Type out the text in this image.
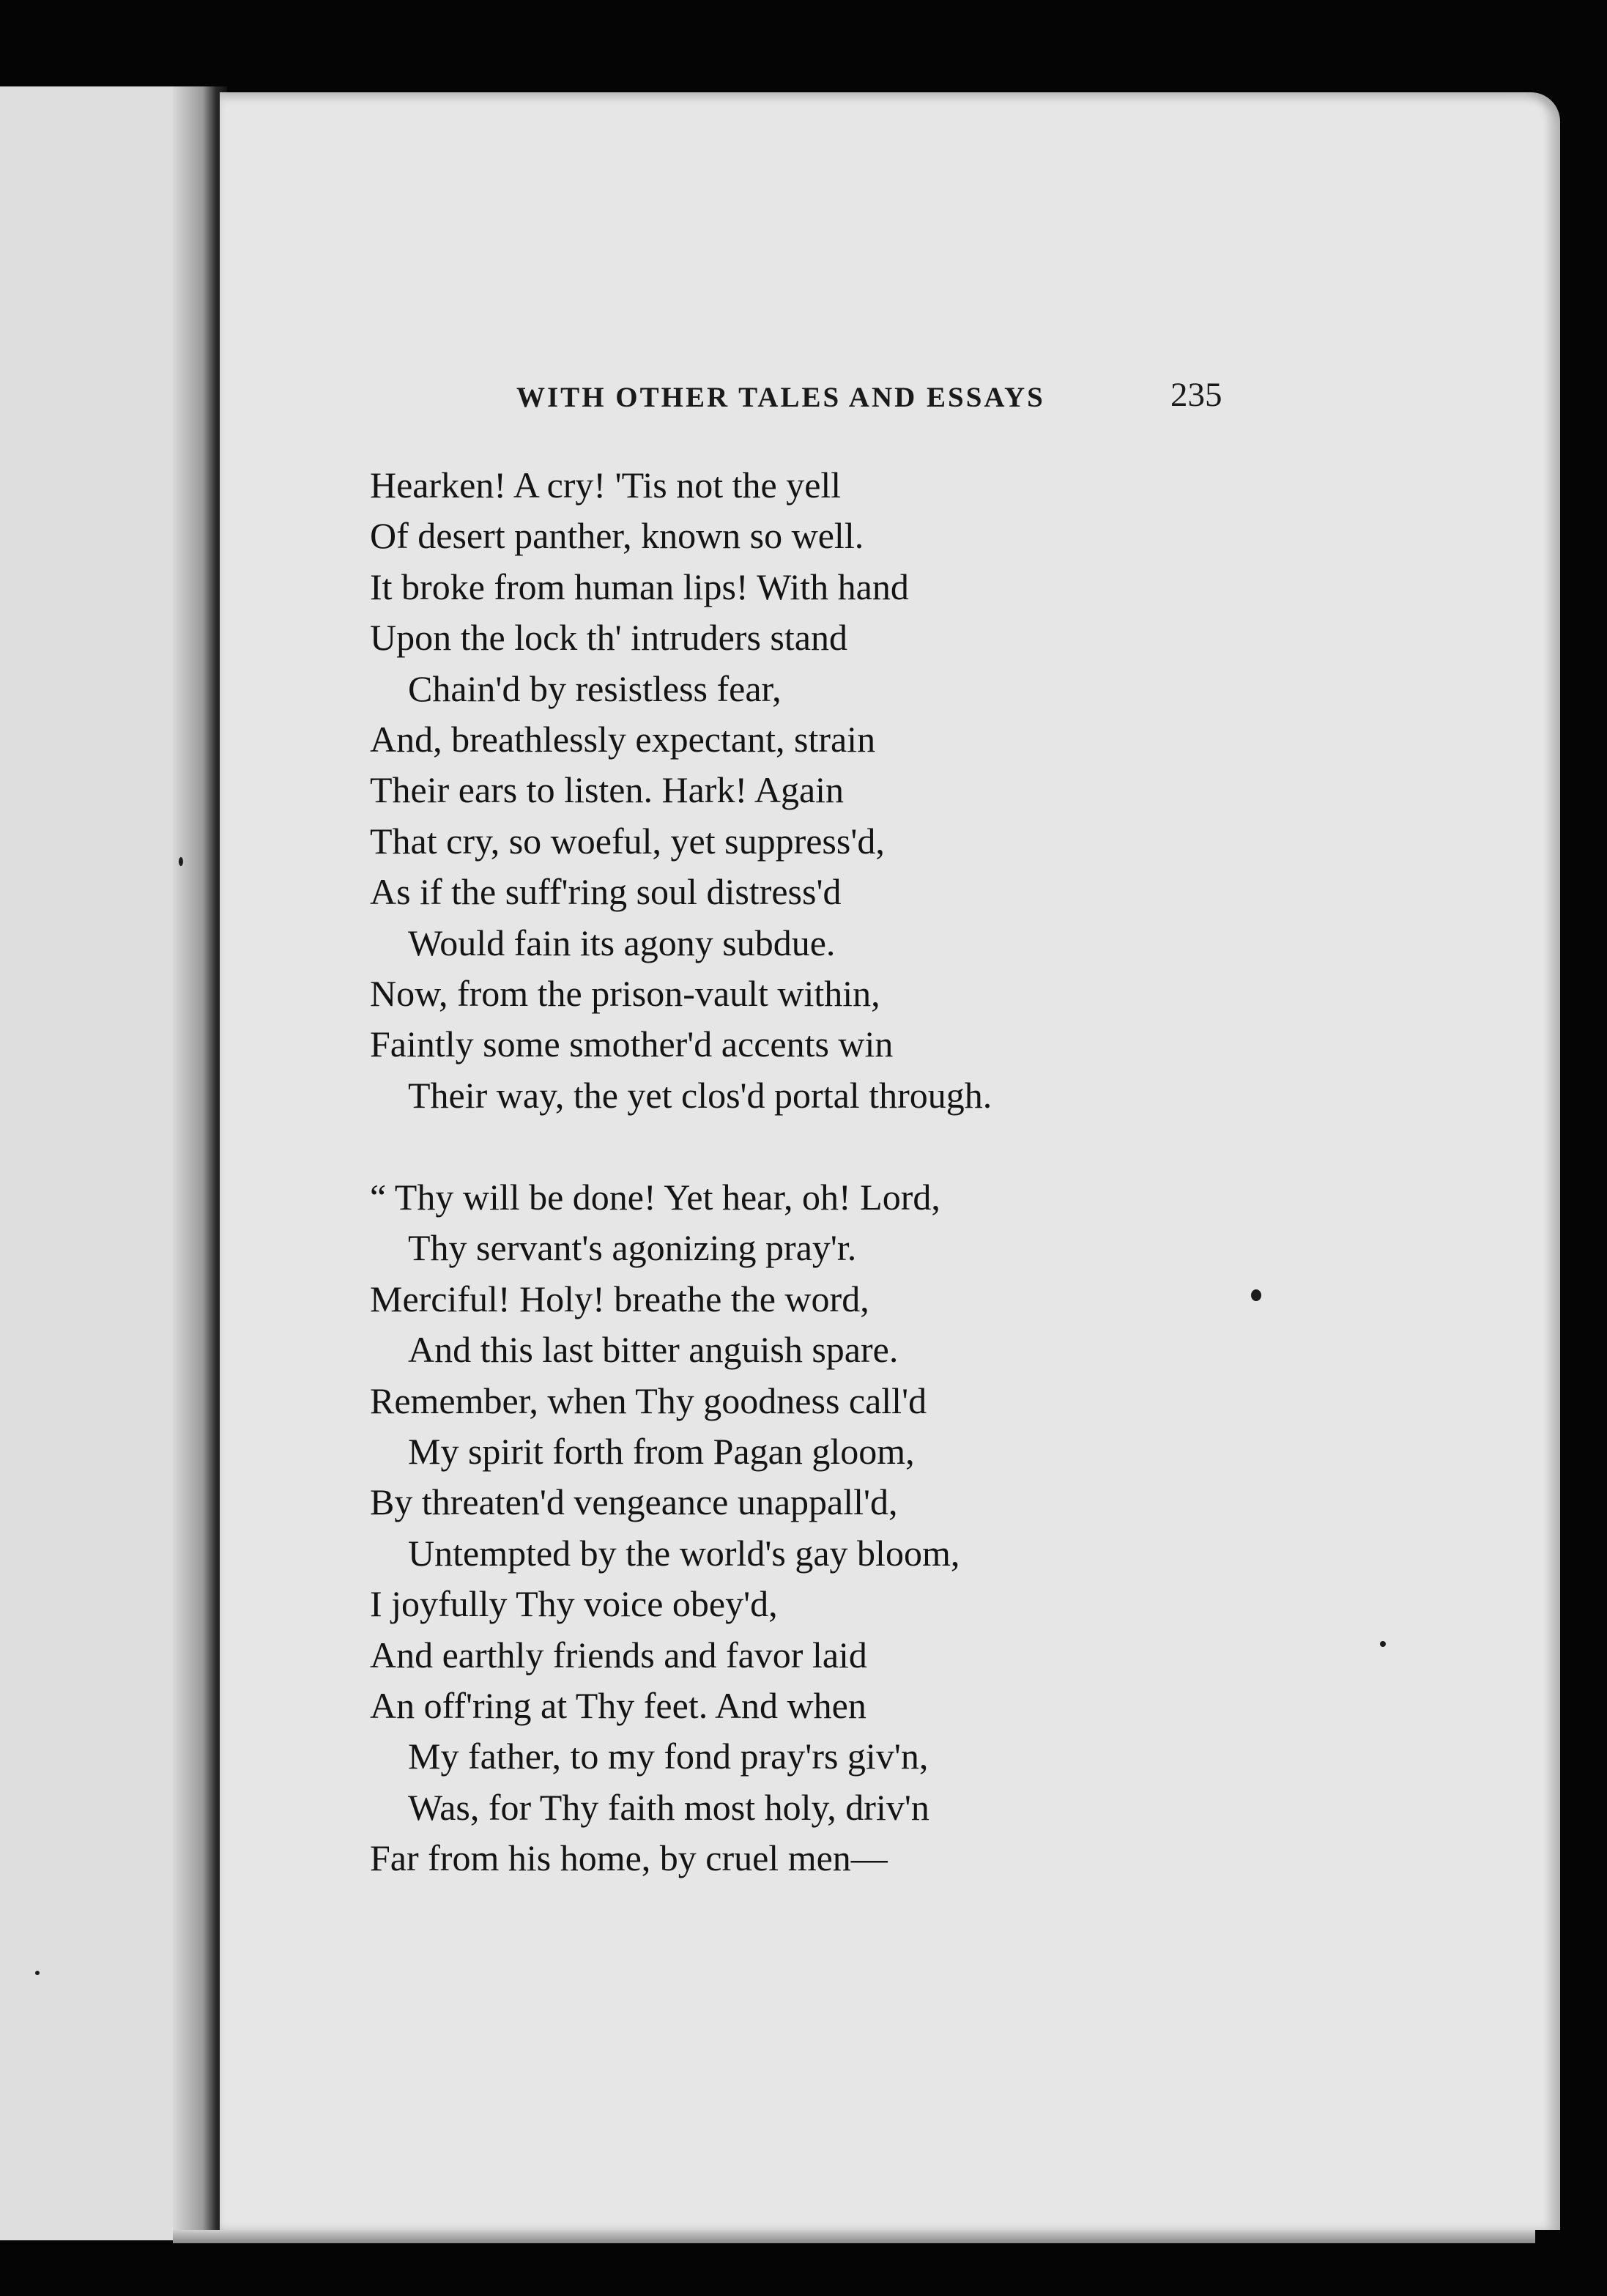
WITH OTHER TALES AND ESSAYS	235
Hearken! A cry! 'Tis not the yell
Of desert panther, known so well.
It broke from human lips! With hand
Upon the lock th' intruders stand
Chain'd by resistless fear,
And, breathlessly expectant, strain
Their ears to listen. Hark! Again
That cry, so woeful, yet suppress'd,
As if the suff'ring soul distress'd
Would fain its agony subdue.
Now, from the prison-vault within,
Faintly some smother'd accents win
Their way, the yet clos'd portal through.
“ Thy will be done! Yet hear, oh! Lord,
Thy servant's agonizing pray'r.
Merciful! Holy! breathe the word,
And this last bitter anguish spare.
Remember, when Thy goodness call'd
My spirit forth from Pagan gloom,
By threaten'd vengeance unappall'd,
Untempted by the world's gay bloom,
I joyfully Thy voice obey'd,
And earthly friends and favor laid
An off'ring at Thy feet. And when
My father, to my fond pray'rs giv'n,
Was, for Thy faith most holy, driv'n
Far from his home, by cruel men—
